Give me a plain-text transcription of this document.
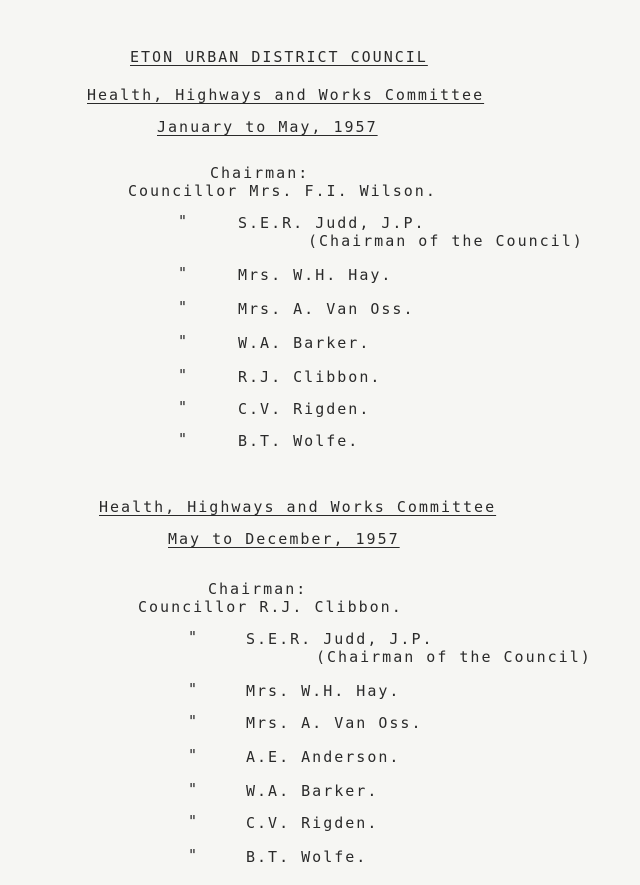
ETON URBAN DISTRICT COUNCIL
Health, Highways and Works Committee
January to May, 1957
Chairman:
Councillor Mrs. F.I. Wilson.
"	S.E.R. Judd, J.P.
(Chairman of the Council)
"	Mrs. W.H. Hay.
"	Mrs. A. Van Oss.
"	W.A. Barker.
"	R.J. Clibbon.
"	C.V. Rigden.
"	B.T. Wolfe.
Health, Highways and Works Committee
May to December, 1957
Chairman:
Councillor R.J. Clibbon.
"	S.E.R. Judd, J.P.
(Chairman of the Council)
"	Mrs. W.H. Hay.
"	Mrs. A. Van Oss.
"	A.E. Anderson.
"	W.A. Barker.
"	C.V. Rigden.
"	B.T. Wolfe.
